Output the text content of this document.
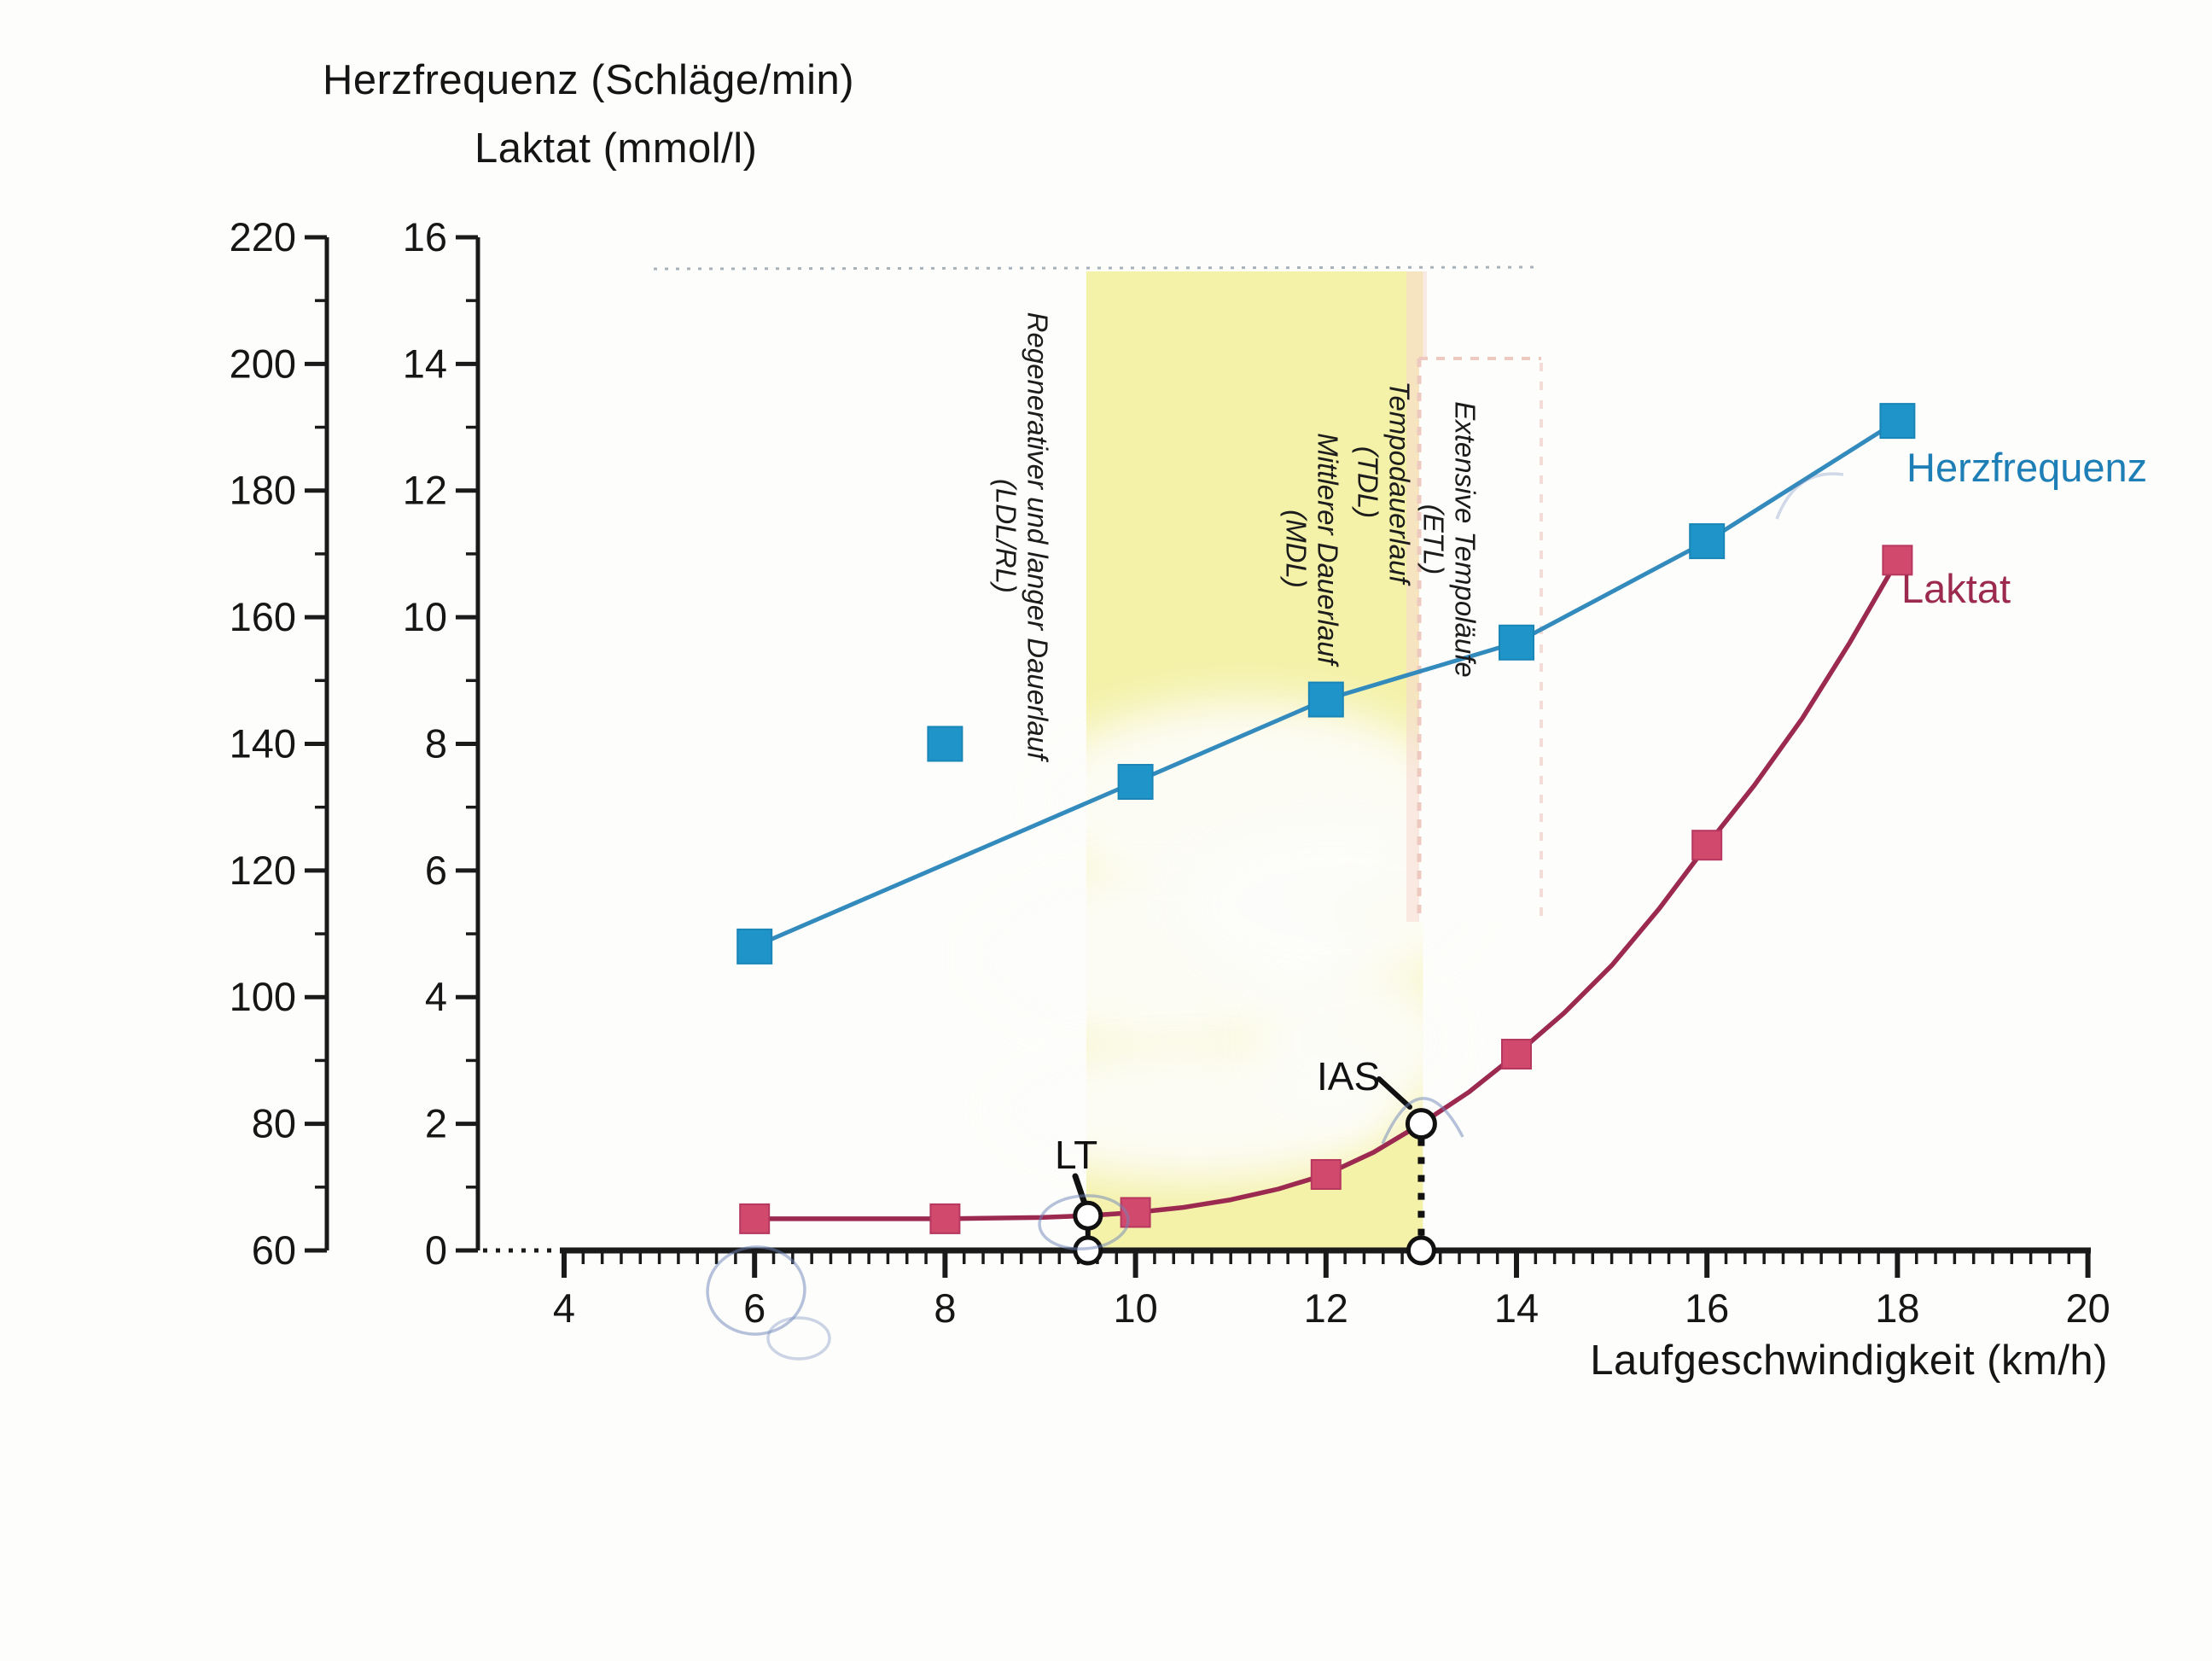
60
80
100
120
140
160
180
200
220
0
2
4
6
8
10
12
14
16
4	6	8	10	12	14	16	18	20
Herzfrequenz (Schläge/min)
Laktat (mmol/l)
Laufgeschwindigkeit (km/h)
Herzfrequenz
Laktat
LT
IAS
Regenerativer und langer Dauerlauf
(LDL/RL)	Mittlerer Dauerlauf
(MDL)	Tempodauerlauf
(TDL)	Extensive Tempoläufe
(ETL)
